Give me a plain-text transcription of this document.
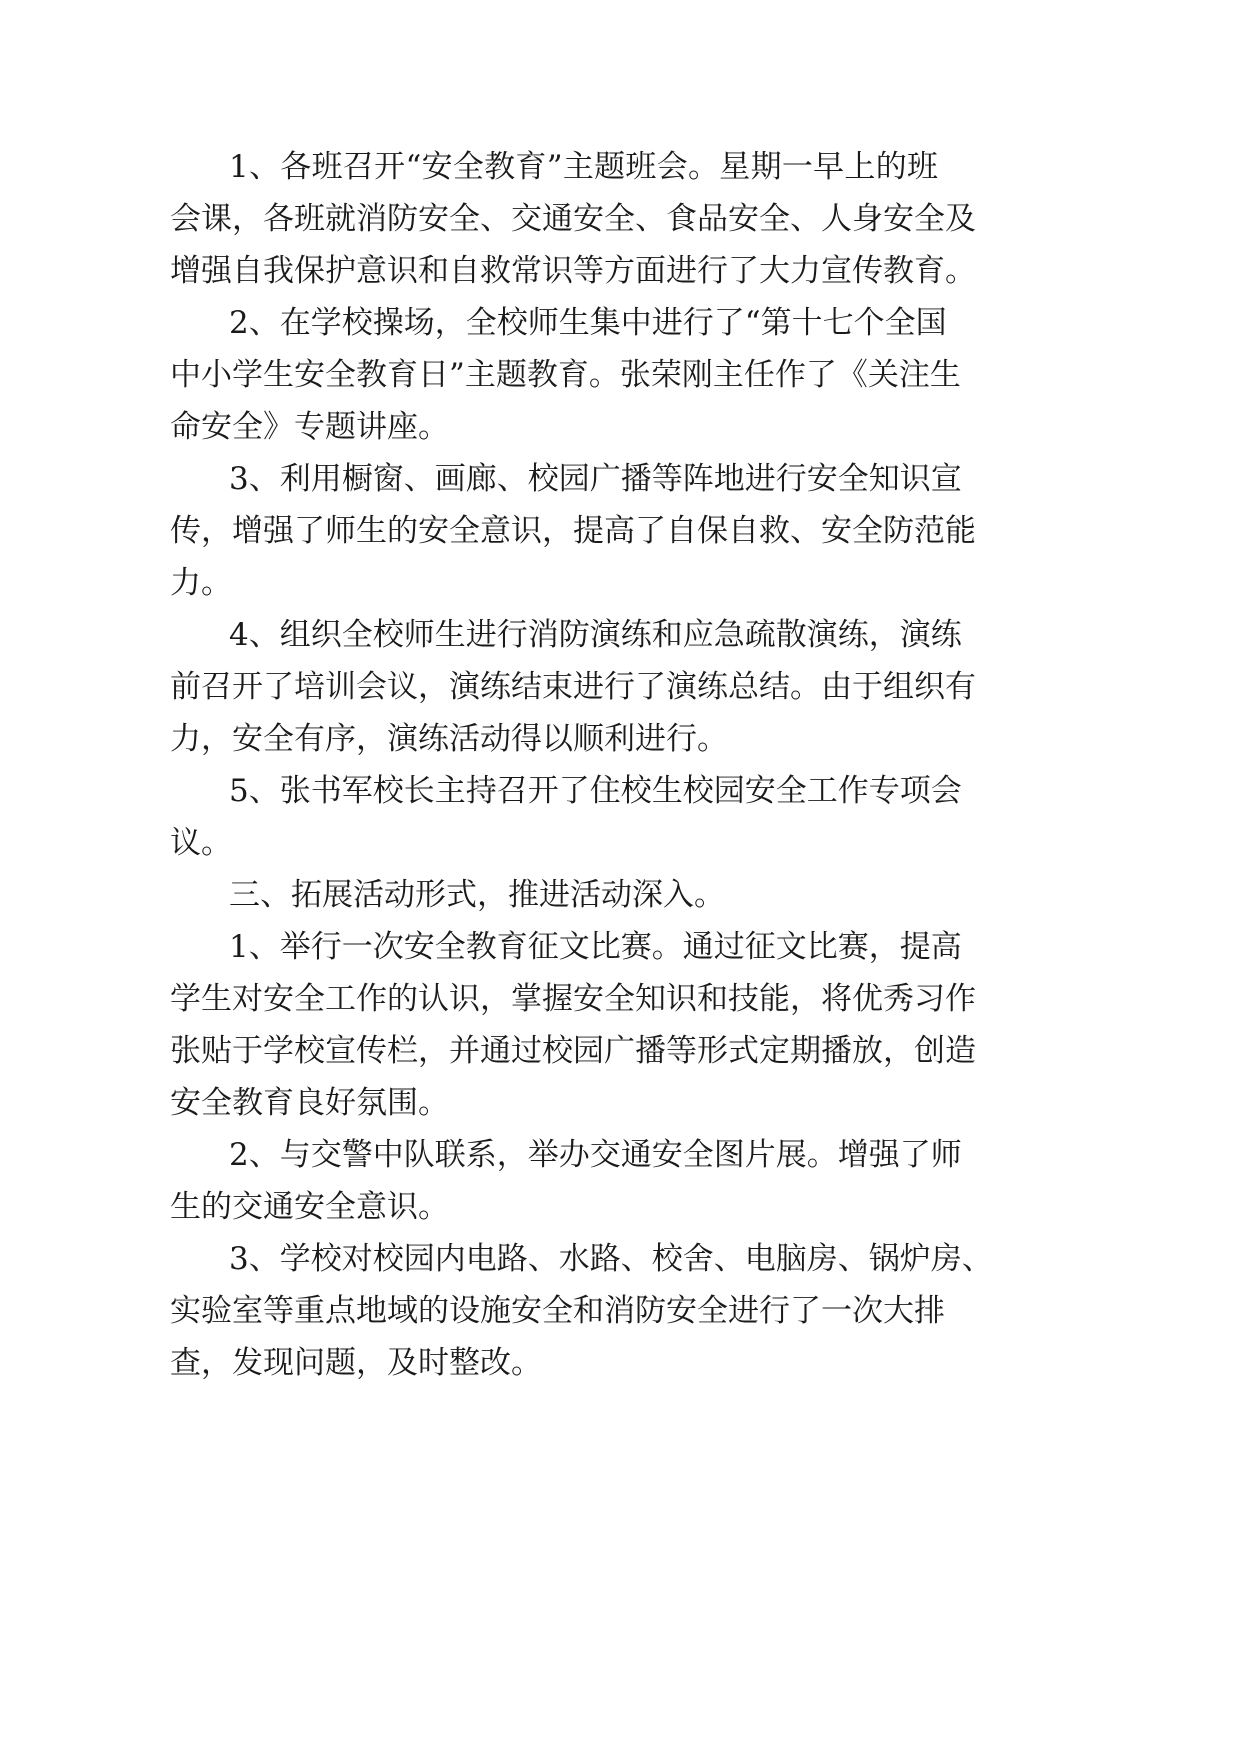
1、各班召开“安全教育”主题班会。星期一早上的班
会课，各班就消防安全、交通安全、食品安全、人身安全及
增强自我保护意识和自救常识等方面进行了大力宣传教育。
2、在学校操场，全校师生集中进行了“第十七个全国
中小学生安全教育日”主题教育。张荣刚主任作了《关注生
命安全》专题讲座。
3、利用橱窗、画廊、校园广播等阵地进行安全知识宣
传，增强了师生的安全意识，提高了自保自救、安全防范能
力。
4、组织全校师生进行消防演练和应急疏散演练，演练
前召开了培训会议，演练结束进行了演练总结。由于组织有
力，安全有序，演练活动得以顺利进行。
5、张书军校长主持召开了住校生校园安全工作专项会
议。
三、拓展活动形式，推进活动深入。
1、举行一次安全教育征文比赛。通过征文比赛，提高
学生对安全工作的认识，掌握安全知识和技能，将优秀习作
张贴于学校宣传栏，并通过校园广播等形式定期播放，创造
安全教育良好氛围。
2、与交警中队联系，举办交通安全图片展。增强了师
生的交通安全意识。
3、学校对校园内电路、水路、校舍、电脑房、锅炉房、
实验室等重点地域的设施安全和消防安全进行了一次大排
查，发现问题，及时整改。
